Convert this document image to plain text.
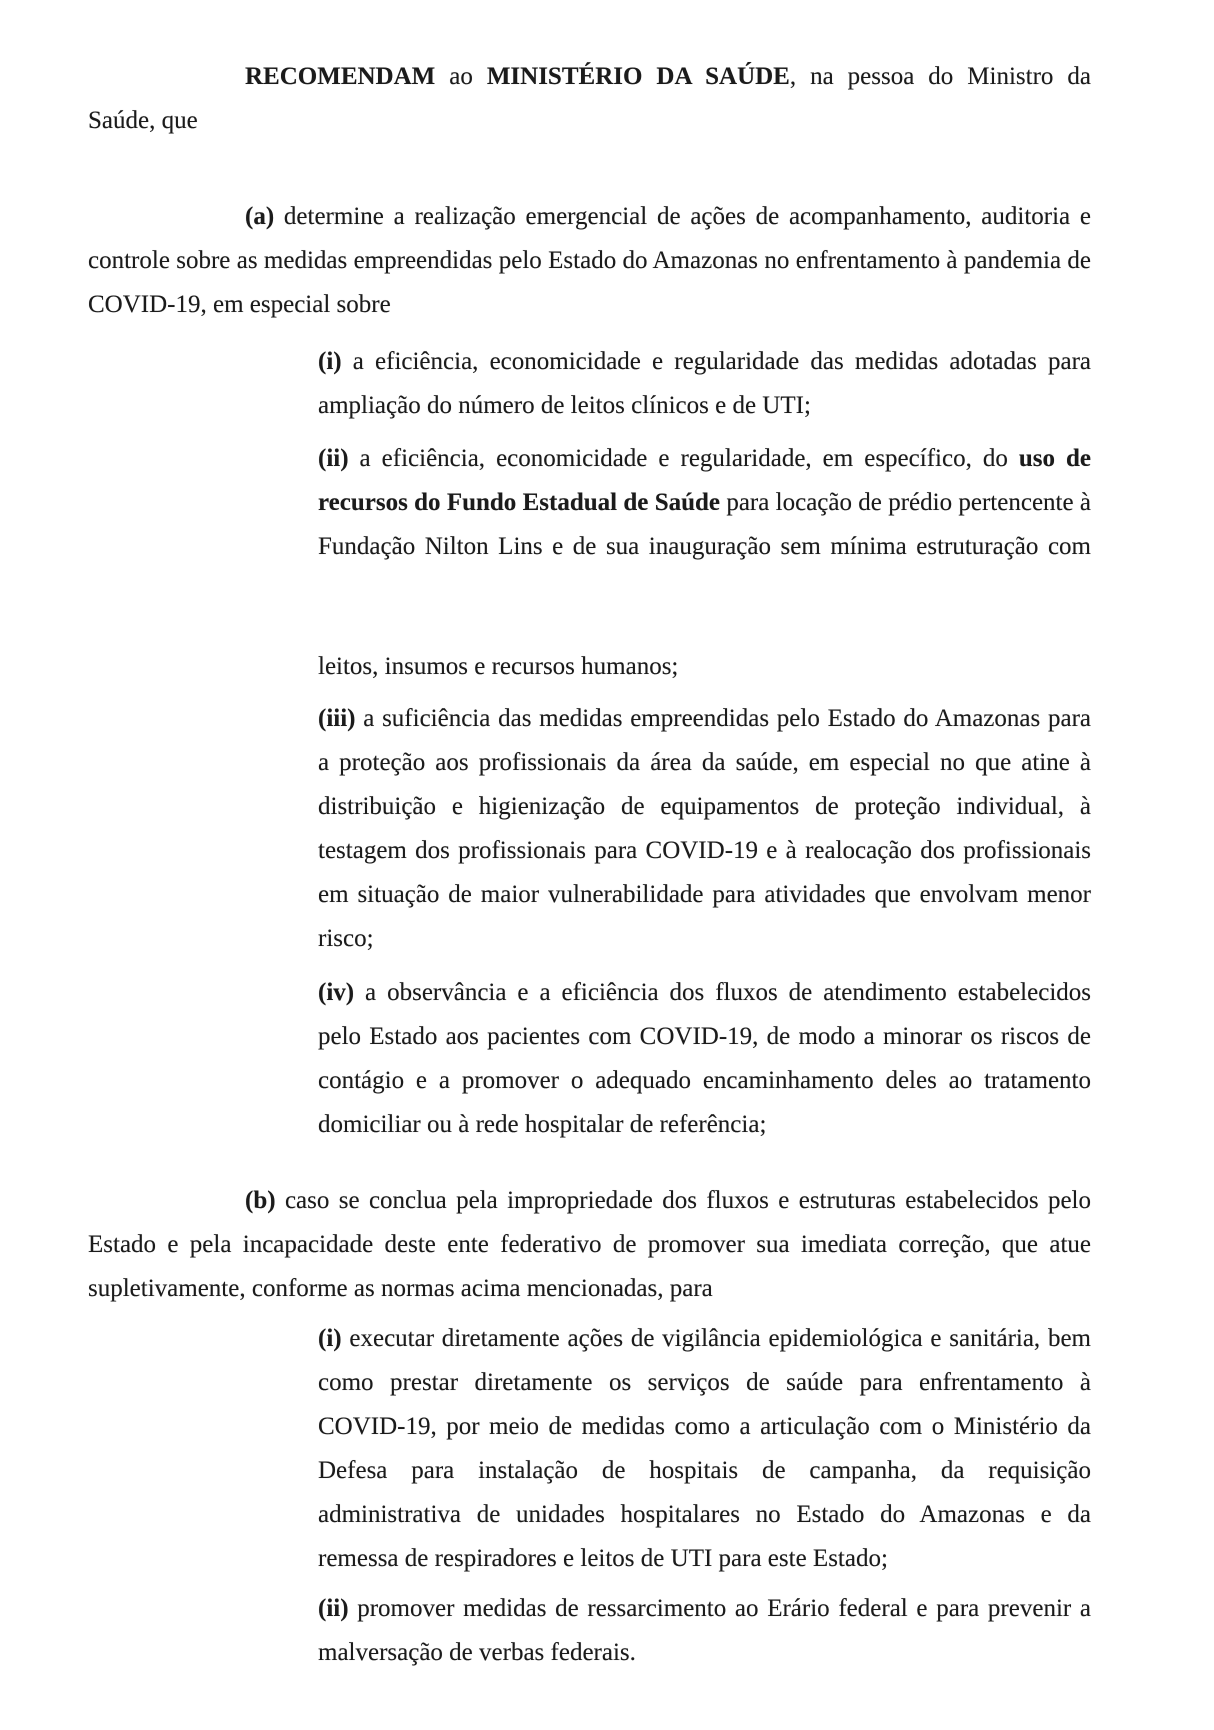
RECOMENDAM ao MINISTÉRIO DA SAÚDE, na pessoa do Ministro da Saúde, que

(a) determine a realização emergencial de ações de acompanhamento, auditoria e controle sobre as medidas empreendidas pelo Estado do Amazonas no enfrentamento à pandemia de COVID-19, em especial sobre

(i) a eficiência, economicidade e regularidade das medidas adotadas para ampliação do número de leitos clínicos e de UTI;

(ii) a eficiência, economicidade e regularidade, em específico, do uso de recursos do Fundo Estadual de Saúde para locação de prédio pertencente à Fundação Nilton Lins e de sua inauguração sem mínima estruturação com

leitos, insumos e recursos humanos;

(iii) a suficiência das medidas empreendidas pelo Estado do Amazonas para a proteção aos profissionais da área da saúde, em especial no que atine à distribuição e higienização de equipamentos de proteção individual, à testagem dos profissionais para COVID-19 e à realocação dos profissionais em situação de maior vulnerabilidade para atividades que envolvam menor risco;

(iv) a observância e a eficiência dos fluxos de atendimento estabelecidos pelo Estado aos pacientes com COVID-19, de modo a minorar os riscos de contágio e a promover o adequado encaminhamento deles ao tratamento domiciliar ou à rede hospitalar de referência;

(b) caso se conclua pela impropriedade dos fluxos e estruturas estabelecidos pelo Estado e pela incapacidade deste ente federativo de promover sua imediata correção, que atue supletivamente, conforme as normas acima mencionadas, para

(i) executar diretamente ações de vigilância epidemiológica e sanitária, bem como prestar diretamente os serviços de saúde para enfrentamento à COVID-19, por meio de medidas como a articulação com o Ministério da Defesa para instalação de hospitais de campanha, da requisição administrativa de unidades hospitalares no Estado do Amazonas e da remessa de respiradores e leitos de UTI para este Estado;

(ii) promover medidas de ressarcimento ao Erário federal e para prevenir a malversação de verbas federais.
